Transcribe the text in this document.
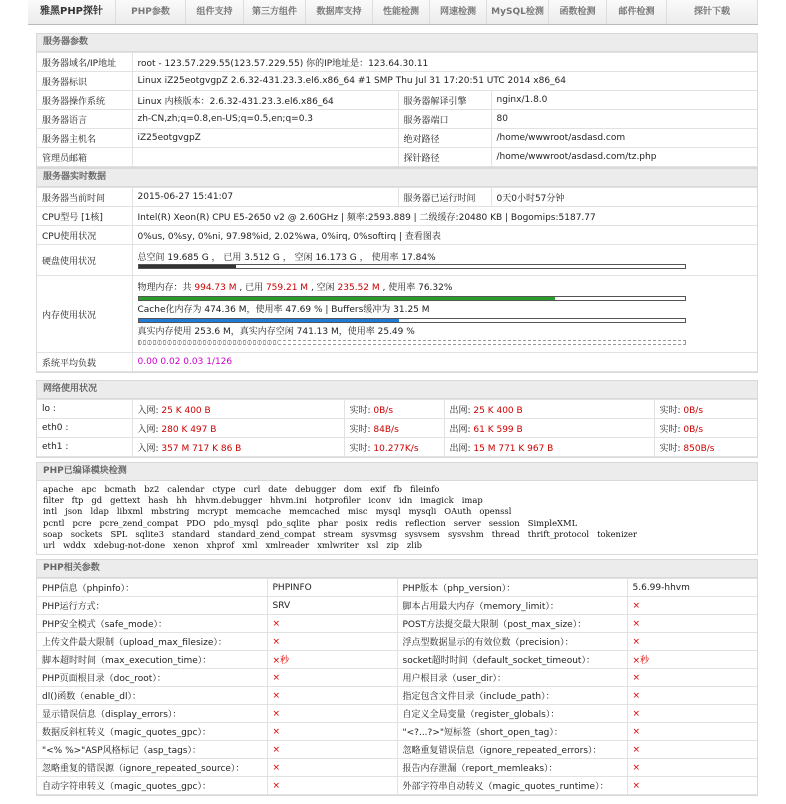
雅黑PHP探针	PHP参数	组件支持	第三方组件	数据库支持	性能检测	网速检测	MySQL检测	函数检测	邮件检测	探针下载
服务器参数
服务器域名/IP地址	root - 123.57.229.55(123.57.229.55) 你的IP地址是：123.64.30.11		
服务器标识	Linux iZ25eotgvgpZ 2.6.32-431.23.3.el6.x86_64 #1 SMP Thu Jul 31 17:20:51 UTC 2014 x86_64		
服务器操作系统	Linux 内核版本：2.6.32-431.23.3.el6.x86_64	服务器解译引擎	nginx/1.8.0
服务器语言	zh-CN,zh;q=0.8,en-US;q=0.5,en;q=0.3	服务器端口	80
服务器主机名	iZ25eotgvgpZ	绝对路径	/home/wwwroot/asdasd.com
管理员邮箱		探针路径	/home/wwwroot/asdasd.com/tz.php
服务器实时数据
服务器当前时间	2015-06-27 15:41:07	服务器已运行时间	0天0小时57分钟
CPU型号 [1核]	Intel(R) Xeon(R) CPU E5-2650 v2 @ 2.60GHz | 频率:2593.889 | 二级缓存:20480 KB | Bogomips:5187.77		
CPU使用状况	0%us, 0%sy, 0%ni, 97.98%id, 2.02%wa, 0%irq, 0%softirq | 查看图表		
硬盘使用状况	总空间 19.685 G ， 已用 3.512 G ， 空闲 16.173 G ， 使用率 17.84%		

内存使用状况	物理内存：共 994.73 M , 已用 759.21 M , 空闲 235.52 M , 使用率 76.32%
Cache化内存为 474.36 M，使用率 47.69 % | Buffers缓冲为 31.25 M
真实内存使用 253.6 M，真实内存空闲 741.13 M，使用率 25.49 %		

系统平均负载	0.00 0.02 0.03 1/126		
网络使用状况
lo :	入网: 25 K 400 B	实时: 0B/s	出网: 25 K 400 B	实时: 0B/s
eth0 :	入网: 280 K 497 B	实时: 84B/s	出网: 61 K 599 B	实时: 0B/s
eth1 :	入网: 357 M 717 K 86 B	实时: 10.277K/s	出网: 15 M 771 K 967 B	实时: 850B/s
PHP已编译模块检测
apache apc bcmath bz2 calendar ctype curl date debugger dom exif fb fileinfo
filter ftp gd gettext hash hh hhvm.debugger hhvm.ini hotprofiler iconv idn imagick imap
intl json ldap libxml mbstring mcrypt memcache memcached misc mysql mysqli OAuth openssl
pcntl pcre pcre_zend_compat PDO pdo_mysql pdo_sqlite phar posix redis reflection server session SimpleXML
soap sockets SPL sqlite3 standard standard_zend_compat stream sysvmsg sysvsem sysvshm thread thrift_protocol tokenizer
url wddx xdebug-not-done xenon xhprof xml xmlreader xmlwriter xsl zip zlib
PHP相关参数
PHP信息（phpinfo）：	PHPINFO	PHP版本（php_version）：	5.6.99-hhvm
PHP运行方式：	SRV	脚本占用最大内存（memory_limit）：	×
PHP安全模式（safe_mode）：	×	POST方法提交最大限制（post_max_size）：	×
上传文件最大限制（upload_max_filesize）：	×	浮点型数据显示的有效位数（precision）：	×
脚本超时时间（max_execution_time）：	×秒	socket超时时间（default_socket_timeout）：	×秒
PHP页面根目录（doc_root）：	×	用户根目录（user_dir）：	×
dl()函数（enable_dl）：	×	指定包含文件目录（include_path）：	×
显示错误信息（display_errors）：	×	自定义全局变量（register_globals）：	×
数据反斜杠转义（magic_quotes_gpc）：	×	"<?...?>"短标签（short_open_tag）：	×
"<% %>"ASP风格标记（asp_tags）：	×	忽略重复错误信息（ignore_repeated_errors）：	×
忽略重复的错误源（ignore_repeated_source）：	×	报告内存泄漏（report_memleaks）：	×
自动字符串转义（magic_quotes_gpc）：	×	外部字符串自动转义（magic_quotes_runtime）：	×
